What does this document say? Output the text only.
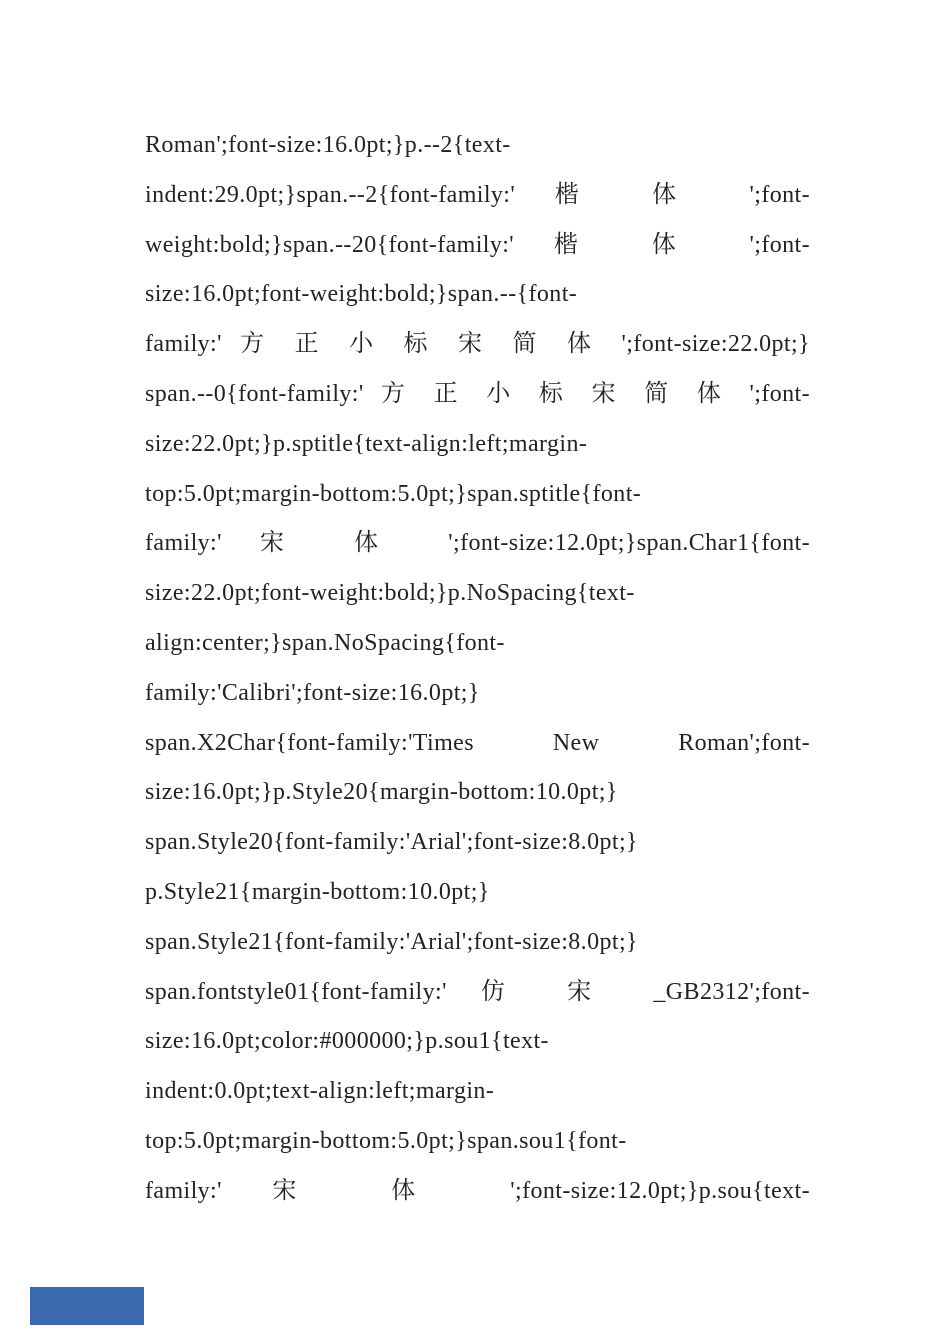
Roman';font-size:16.0pt;}p.--2{text-
indent:29.0pt;}span.--2{font-family:' 楷 体 ';font-
weight:bold;}span.--20{font-family:' 楷 体 ';font-
size:16.0pt;font-weight:bold;}span.--{font-
family:' 方 正 小 标 宋 简 体 ';font-size:22.0pt;}
span.--0{font-family:' 方 正 小 标 宋 简 体 ';font-
size:22.0pt;}p.sptitle{text-align:left;margin-
top:5.0pt;margin-bottom:5.0pt;}span.sptitle{font-
family:' 宋 体 ';font-size:12.0pt;}span.Char1{font-
size:22.0pt;font-weight:bold;}p.NoSpacing{text-
align:center;}span.NoSpacing{font-
family:'Calibri';font-size:16.0pt;}
span.X2Char{font-family:'Times New Roman';font-
size:16.0pt;}p.Style20{margin-bottom:10.0pt;}
span.Style20{font-family:'Arial';font-size:8.0pt;}
p.Style21{margin-bottom:10.0pt;}
span.Style21{font-family:'Arial';font-size:8.0pt;}
span.fontstyle01{font-family:' 仿 宋 _GB2312';font-
size:16.0pt;color:#000000;}p.sou1{text-
indent:0.0pt;text-align:left;margin-
top:5.0pt;margin-bottom:5.0pt;}span.sou1{font-
family:' 宋 体 ';font-size:12.0pt;}p.sou{text-
